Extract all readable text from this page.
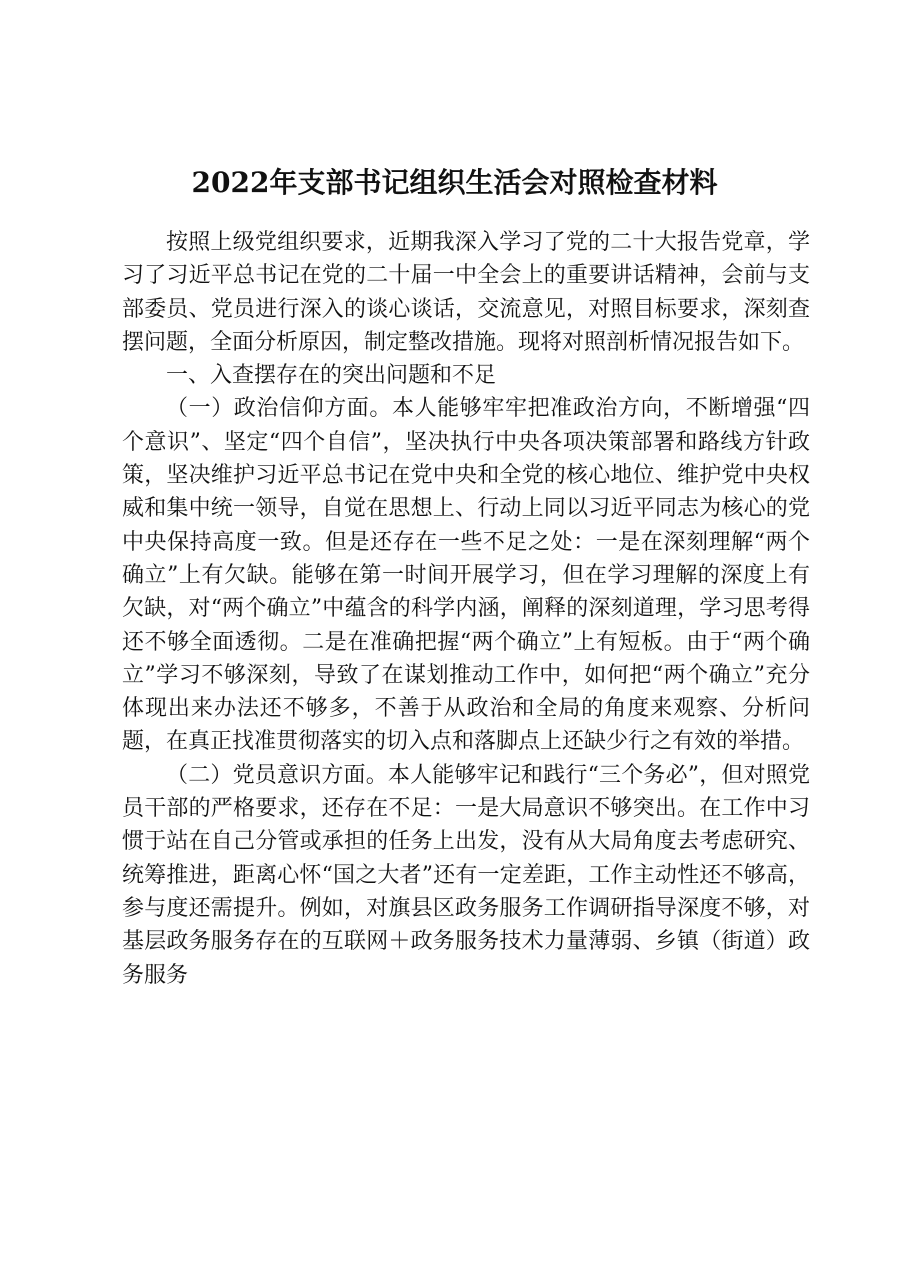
2022年支部书记组织生活会对照检查材料

按照上级党组织要求，近期我深入学习了党的二十大报告党章，学习了习近平总书记在党的二十届一中全会上的重要讲话精神，会前与支部委员、党员进行深入的谈心谈话，交流意见，对照目标要求，深刻查摆问题，全面分析原因，制定整改措施。现将对照剖析情况报告如下。

一、入查摆存在的突出问题和不足

（一）政治信仰方面。本人能够牢牢把准政治方向，不断增强“四个意识”、坚定“四个自信”，坚决执行中央各项决策部署和路线方针政策，坚决维护习近平总书记在党中央和全党的核心地位、维护党中央权威和集中统一领导，自觉在思想上、行动上同以习近平同志为核心的党中央保持高度一致。但是还存在一些不足之处：一是在深刻理解“两个确立”上有欠缺。能够在第一时间开展学习，但在学习理解的深度上有欠缺，对“两个确立”中蕴含的科学内涵，阐释的深刻道理，学习思考得还不够全面透彻。二是在准确把握“两个确立”上有短板。由于“两个确立”学习不够深刻，导致了在谋划推动工作中，如何把“两个确立”充分体现出来办法还不够多，不善于从政治和全局的角度来观察、分析问题，在真正找准贯彻落实的切入点和落脚点上还缺少行之有效的举措。

（二）党员意识方面。本人能够牢记和践行“三个务必”，但对照党员干部的严格要求，还存在不足：一是大局意识不够突出。在工作中习惯于站在自己分管或承担的任务上出发，没有从大局角度去考虑研究、统筹推进，距离心怀“国之大者”还有一定差距，工作主动性还不够高，参与度还需提升。例如，对旗县区政务服务工作调研指导深度不够，对基层政务服务存在的互联网＋政务服务技术力量薄弱、乡镇（街道）政务服务
